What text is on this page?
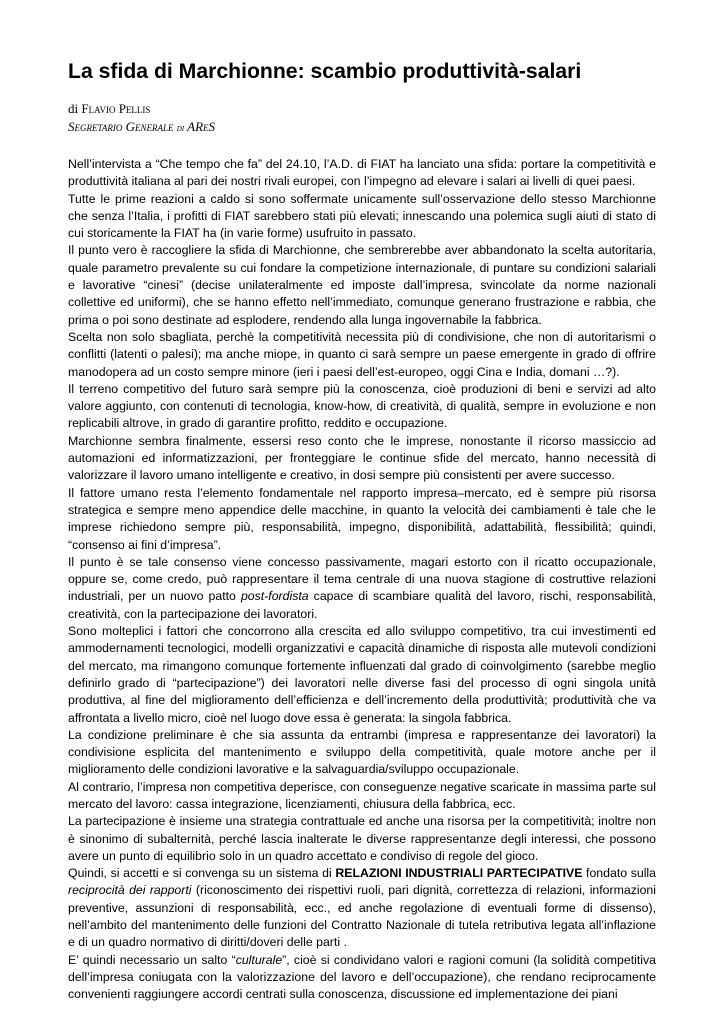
La sfida di Marchionne: scambio produttività-salari
di Flavio Pellis
Segretario Generale di AReS

Nell’intervista a “Che tempo che fa” del 24.10, l’A.D. di FIAT ha lanciato una sfida: portare la competitività e produttività italiana al pari dei nostri rivali europei, con l’impegno ad elevare i salari ai livelli di quei paesi.

Tutte le prime reazioni a caldo si sono soffermate unicamente sull’osservazione dello stesso Marchionne che senza l’Italia, i profitti di FIAT sarebbero stati più elevati; innescando una polemica sugli aiuti di stato di cui storicamente la FIAT ha (in varie forme) usufruito in passato.

Il punto vero è raccogliere la sfida di Marchionne, che sembrerebbe aver abbandonato la scelta autoritaria, quale parametro prevalente su cui fondare la competizione internazionale, di puntare su condizioni salariali e lavorative “cinesi” (decise unilateralmente ed imposte dall’impresa, svincolate da norme nazionali collettive ed uniformi), che se hanno effetto nell’immediato, comunque generano frustrazione e rabbia, che prima o poi sono destinate ad esplodere, rendendo alla lunga ingovernabile la fabbrica.

Scelta non solo sbagliata, perchè la competitività necessita più di condivisione, che non di autoritarismi o conflitti (latenti o palesi); ma anche miope, in quanto ci sarà sempre un paese emergente in grado di offrire manodopera ad un costo sempre minore (ieri i paesi dell’est-europeo, oggi Cina e India, domani …?).

Il terreno competitivo del futuro sarà sempre più la conoscenza, cioè produzioni di beni e servizi ad alto valore aggiunto, con contenuti di tecnologia, know-how, di creatività, di qualità, sempre in evoluzione e non replicabili altrove, in grado di garantire profitto, reddito e occupazione.

Marchionne sembra finalmente, essersi reso conto che le imprese, nonostante il ricorso massiccio ad automazioni ed informatizzazioni, per fronteggiare le continue sfide del mercato, hanno necessità di valorizzare il lavoro umano intelligente e creativo, in dosi sempre più consistenti per avere successo.

Il fattore umano resta l’elemento fondamentale nel rapporto impresa–mercato, ed è sempre più risorsa strategica e sempre meno appendice delle macchine, in quanto la velocità dei cambiamenti è tale che le imprese richiedono sempre più, responsabilità, impegno, disponibilità, adattabilità, flessibilità; quindi, “consenso ai fini d’impresa”.

Il punto è se tale consenso viene concesso passivamente, magari estorto con il ricatto occupazionale, oppure se, come credo, può rappresentare il tema centrale di una nuova stagione di costruttive relazioni industriali, per un nuovo patto post-fordista capace di scambiare qualità del lavoro, rischi, responsabilità, creatività, con la partecipazione dei lavoratori.

Sono molteplici i fattori che concorrono alla crescita ed allo sviluppo competitivo, tra cui investimenti ed ammodernamenti tecnologici, modelli organizzativi e capacità dinamiche di risposta alle mutevoli condizioni del mercato, ma rimangono comunque fortemente influenzati dal grado di coinvolgimento (sarebbe meglio definirlo grado di “partecipazione”) dei lavoratori nelle diverse fasi del processo di ogni singola unità produttiva, al fine del miglioramento dell’efficienza e dell’incremento della produttività; produttività che va affrontata a livello micro, cioè nel luogo dove essa è generata: la singola fabbrica.

La condizione preliminare è che sia assunta da entrambi (impresa e rappresentanze dei lavoratori) la condivisione esplicita del mantenimento e sviluppo della competitività, quale motore anche per il miglioramento delle condizioni lavorative e la salvaguardia/sviluppo occupazionale.

Al contrario, l’impresa non competitiva deperisce, con conseguenze negative scaricate in massima parte sul mercato del lavoro: cassa integrazione, licenziamenti, chiusura della fabbrica, ecc.

La partecipazione è insieme una strategia contrattuale ed anche una risorsa per la competitività; inoltre non è sinonimo di subalternità, perché lascia inalterate le diverse rappresentanze degli interessi, che possono avere un punto di equilibrio solo in un quadro accettato e condiviso di regole del gioco.

Quindi, si accetti e si convenga su un sistema di RELAZIONI INDUSTRIALI PARTECIPATIVE fondato sulla reciprocità dei rapporti (riconoscimento dei rispettivi ruoli, pari dignità, correttezza di relazioni, informazioni preventive, assunzioni di responsabilità, ecc., ed anche regolazione di eventuali forme di dissenso), nell’ambito del mantenimento delle funzioni del Contratto Nazionale di tutela retributiva legata all’inflazione e di un quadro normativo di diritti/doveri delle parti .

E’ quindi necessario un salto “culturale”, cioè si condividano valori e ragioni comuni (la solidità competitiva dell’impresa coniugata con la valorizzazione del lavoro e dell’occupazione), che rendano reciprocamente convenienti raggiungere accordi centrati sulla conoscenza, discussione ed implementazione dei piani
